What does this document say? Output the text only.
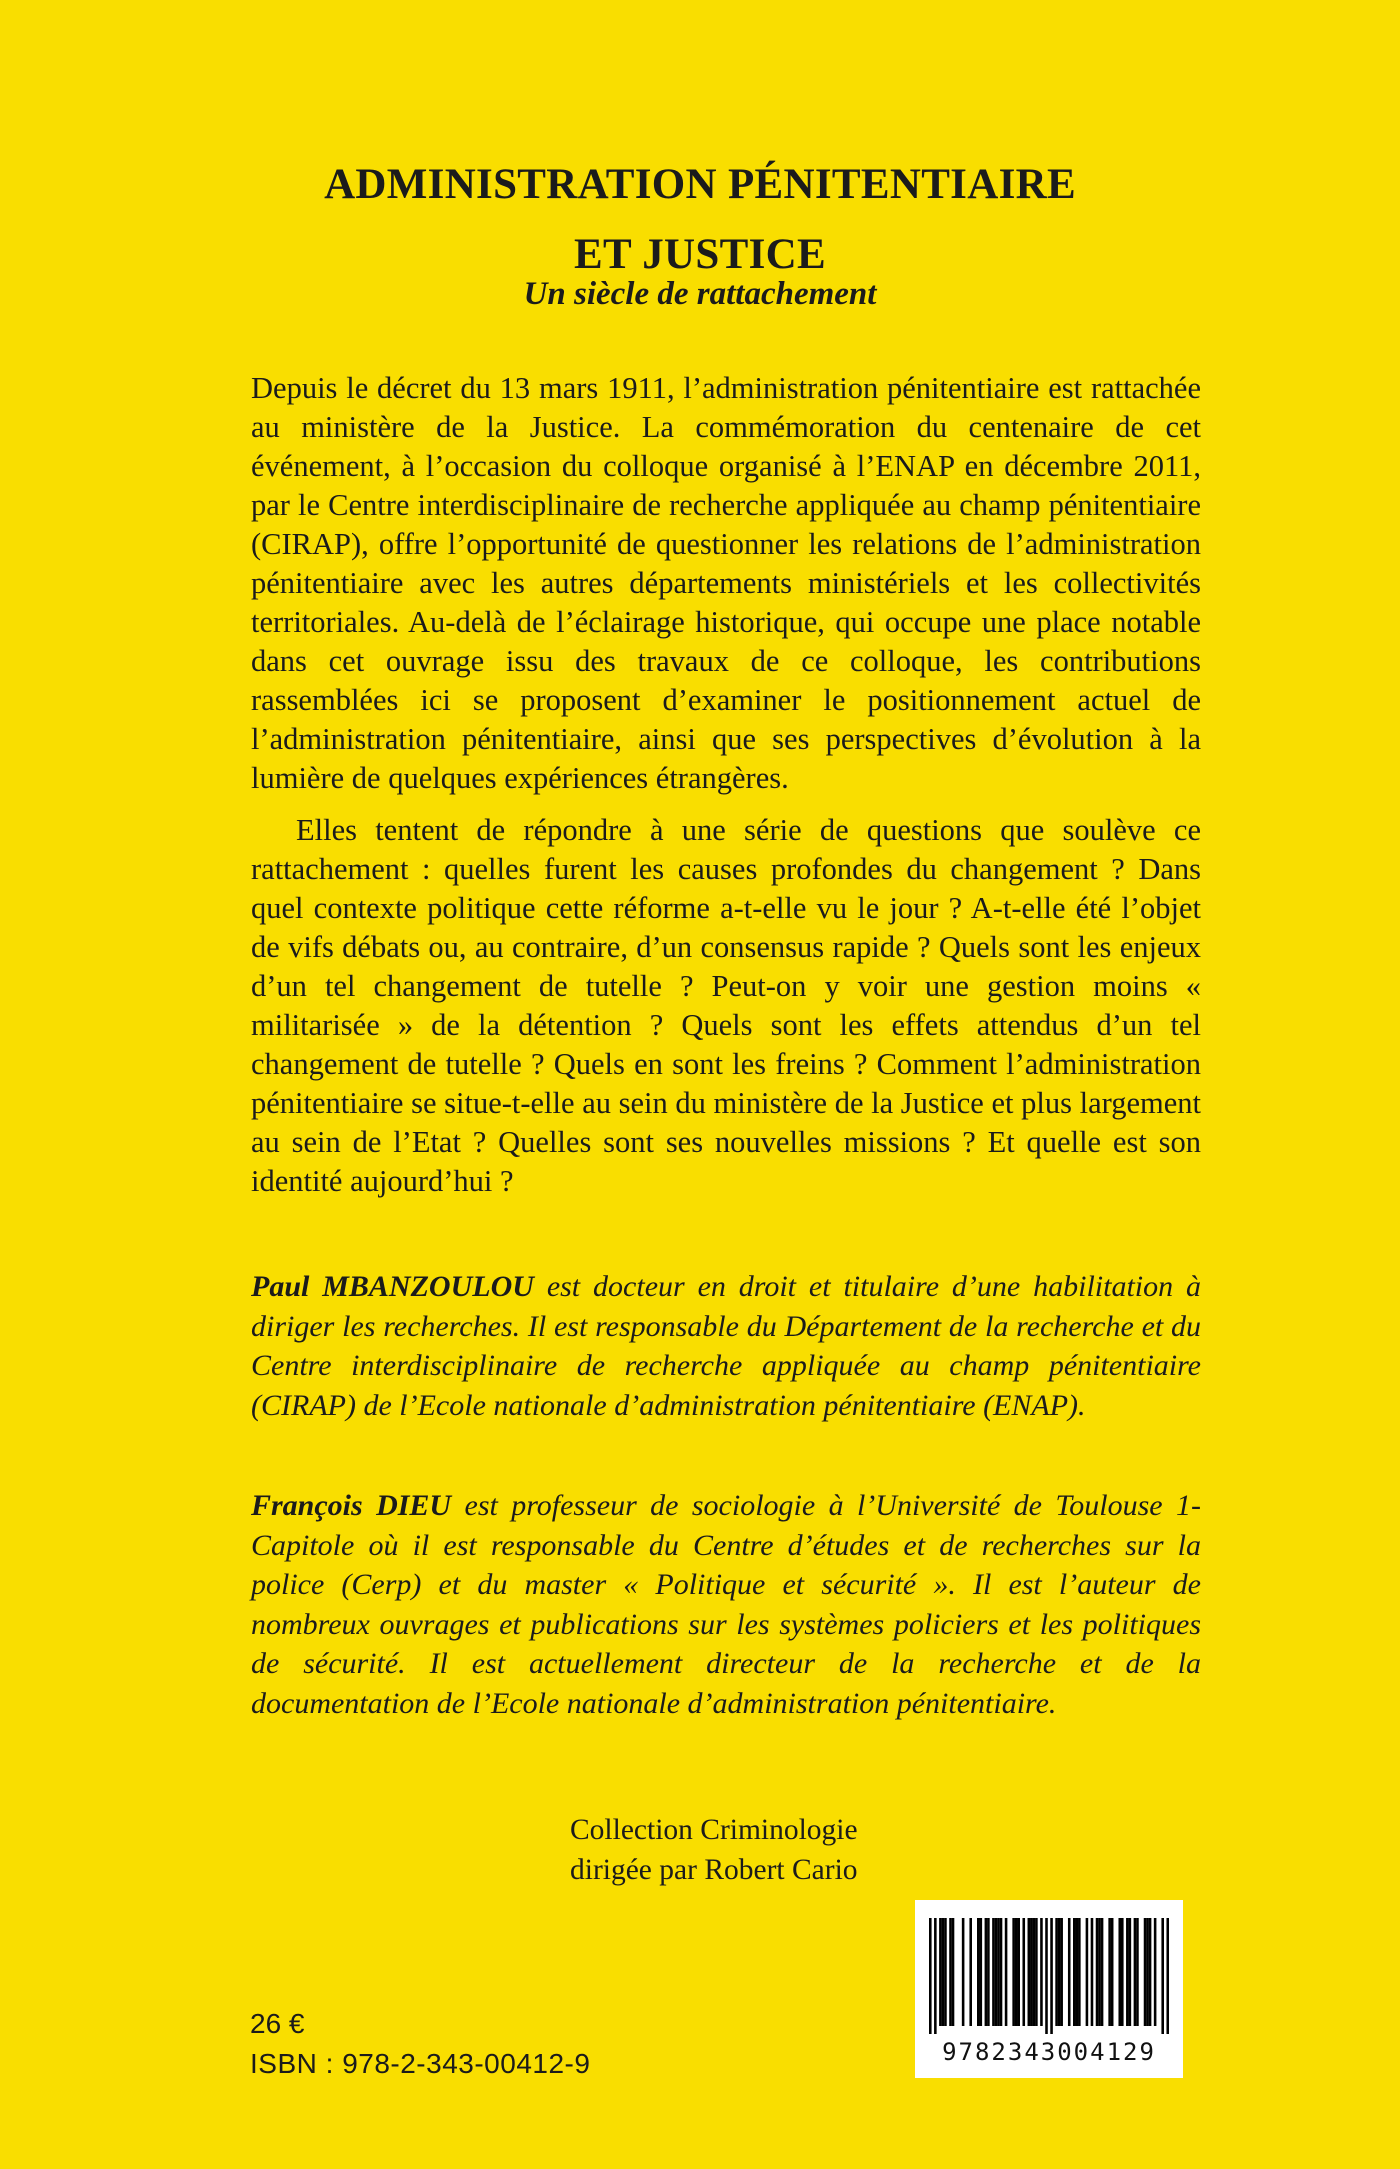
ADMINISTRATION PÉNITENTIAIRE
ET JUSTICE

Un siècle de rattachement

Depuis le décret du 13 mars 1911, l’administration pénitentiaire est rattachée au ministère de la Justice. La commémoration du centenaire de cet événement, à l’occasion du colloque organisé à l’ENAP en décembre 2011, par le Centre interdisciplinaire de recherche appliquée au champ pénitentiaire (CIRAP), offre l’opportunité de questionner les relations de l’administration pénitentiaire avec les autres départements ministériels et les collectivités territoriales. Au-delà de l’éclairage historique, qui occupe une place notable dans cet ouvrage issu des travaux de ce colloque, les contributions rassemblées ici se proposent d’examiner le positionnement actuel de l’administration pénitentiaire, ainsi que ses perspectives d’évolution à la lumière de quelques expériences étrangères.

Elles tentent de répondre à une série de questions que soulève ce rattachement : quelles furent les causes profondes du changement ? Dans quel contexte politique cette réforme a-t-elle vu le jour ? A-t-elle été l’objet de vifs débats ou, au contraire, d’un consensus rapide ? Quels sont les enjeux d’un tel changement de tutelle ? Peut-on y voir une gestion moins « militarisée » de la détention ? Quels sont les effets attendus d’un tel changement de tutelle ? Quels en sont les freins ? Comment l’administration pénitentiaire se situe-t-elle au sein du ministère de la Justice et plus largement au sein de l’Etat ? Quelles sont ses nouvelles missions ? Et quelle est son identité aujourd’hui ?

Paul MBANZOULOU est docteur en droit et titulaire d’une habilitation à diriger les recherches. Il est responsable du Département de la recherche et du Centre interdisciplinaire de recherche appliquée au champ pénitentiaire (CIRAP) de l’Ecole nationale d’administration pénitentiaire (ENAP).

François DIEU est professeur de sociologie à l’Université de Toulouse 1-Capitole où il est responsable du Centre d’études et de recherches sur la police (Cerp) et du master « Politique et sécurité ». Il est l’auteur de nombreux ouvrages et publications sur les systèmes policiers et les politiques de sécurité. Il est actuellement directeur de la recherche et de la documentation de l’Ecole nationale d’administration pénitentiaire.

Collection Criminologie
dirigée par Robert Cario

26 €

ISBN : 978-2-343-00412-9	9782343004129
